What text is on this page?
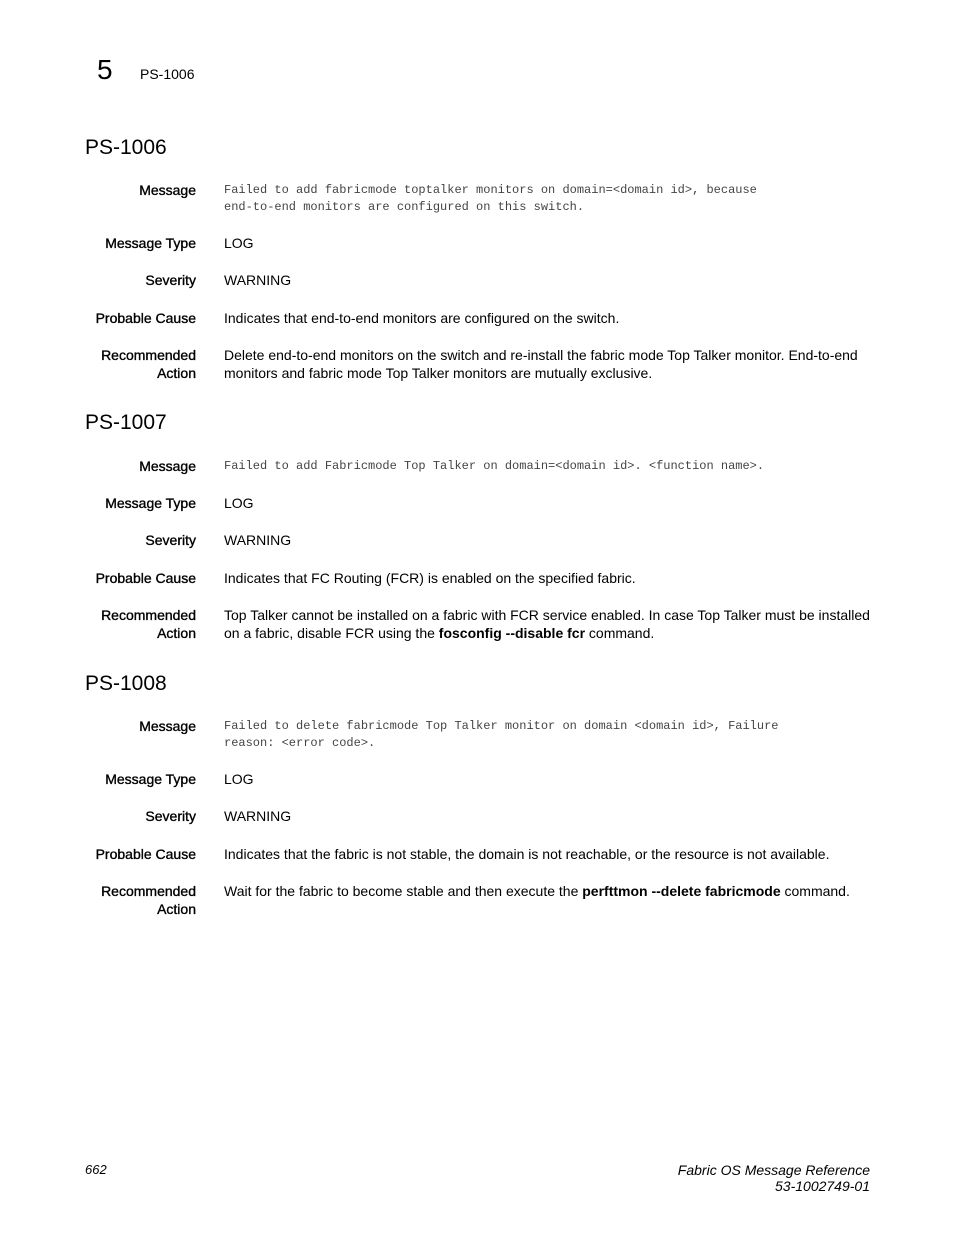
5 PS-1006
PS-1006
Message Failed to add fabricmode toptalker monitors on domain=<domain id>, because
end-to-end monitors are configured on this switch.
Message Type LOG
Severity WARNING
Probable Cause Indicates that end-to-end monitors are configured on the switch.
Recommended
Action
Delete end-to-end monitors on the switch and re-install the fabric mode Top Talker monitor. End-to-end
monitors and fabric mode Top Talker monitors are mutually exclusive.
PS-1007
Message Failed to add Fabricmode Top Talker on domain=<domain id>. <function name>.
Message Type LOG
Severity WARNING
Probable Cause Indicates that FC Routing (FCR) is enabled on the specified fabric.
Recommended
Action
Top Talker cannot be installed on a fabric with FCR service enabled. In case Top Talker must be installed
on a fabric, disable FCR using the fosconfig --disable fcr command.
PS-1008
Message Failed to delete fabricmode Top Talker monitor on domain <domain id>, Failure
reason: <error code>.
Message Type LOG
Severity WARNING
Probable Cause Indicates that the fabric is not stable, the domain is not reachable, or the resource is not available.
Recommended
Action
Wait for the fabric to become stable and then execute the perfttmon --delete fabricmode command.
662	Fabric OS Message Reference
53-1002749-01
